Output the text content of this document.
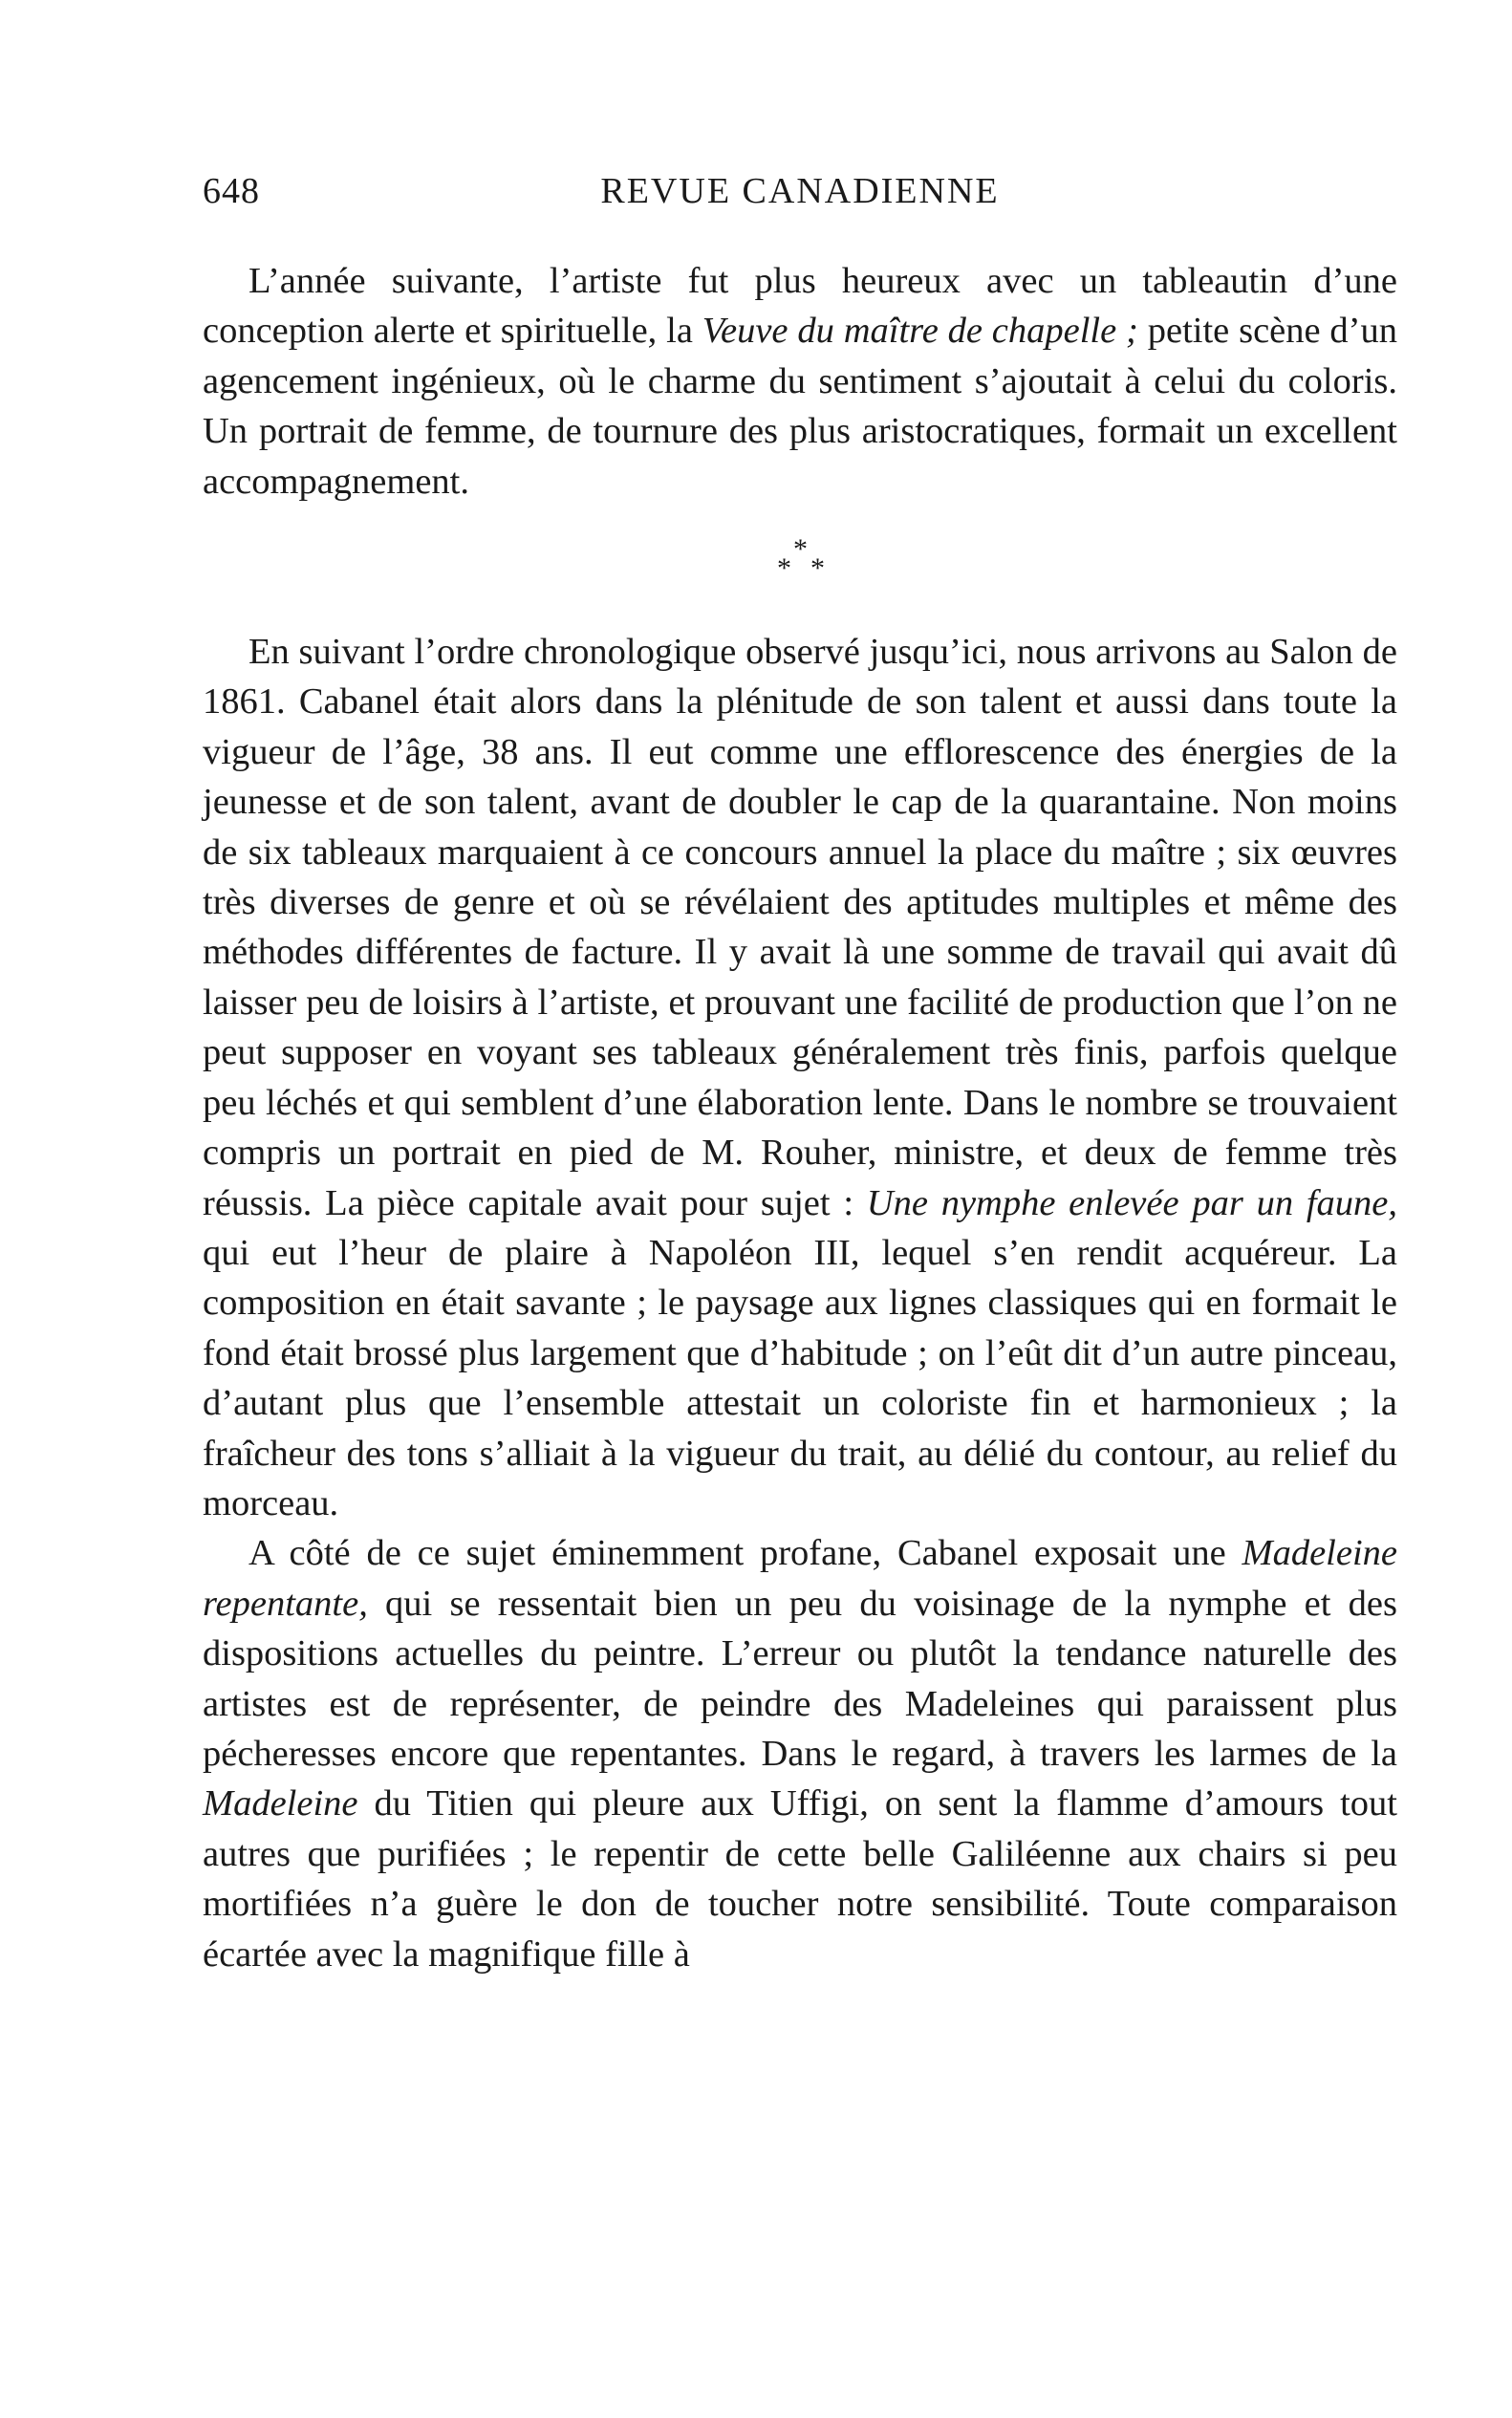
648	REVUE CANADIENNE

L’année suivante, l’artiste fut plus heureux avec un tableautin d’une conception alerte et spirituelle, la Veuve du maître de chapelle ; petite scène d’un agencement ingénieux, où le charme du sentiment s’ajoutait à celui du coloris. Un portrait de femme, de tournure des plus aristocratiques, formait un excellent accompagnement.

*
* *

En suivant l’ordre chronologique observé jusqu’ici, nous arrivons au Salon de 1861. Cabanel était alors dans la plénitude de son talent et aussi dans toute la vigueur de l’âge, 38 ans. Il eut comme une efflorescence des énergies de la jeunesse et de son talent, avant de doubler le cap de la quarantaine. Non moins de six tableaux marquaient à ce concours annuel la place du maître ; six œuvres très diverses de genre et où se révélaient des aptitudes multiples et même des méthodes différentes de facture. Il y avait là une somme de travail qui avait dû laisser peu de loisirs à l’artiste, et prouvant une facilité de production que l’on ne peut supposer en voyant ses tableaux généralement très finis, parfois quelque peu léchés et qui semblent d’une élaboration lente. Dans le nombre se trouvaient compris un portrait en pied de M. Rouher, ministre, et deux de femme très réussis. La pièce capitale avait pour sujet : Une nymphe enlevée par un faune, qui eut l’heur de plaire à Napoléon III, lequel s’en rendit acquéreur. La composition en était savante ; le paysage aux lignes classiques qui en formait le fond était brossé plus largement que d’habitude ; on l’eût dit d’un autre pinceau, d’autant plus que l’ensemble attestait un coloriste fin et harmonieux ; la fraîcheur des tons s’alliait à la vigueur du trait, au délié du contour, au relief du morceau.

A côté de ce sujet éminemment profane, Cabanel exposait une Madeleine repentante, qui se ressentait bien un peu du voisinage de la nymphe et des dispositions actuelles du peintre. L’erreur ou plutôt la tendance naturelle des artistes est de représenter, de peindre des Madeleines qui paraissent plus pécheresses encore que repentantes. Dans le regard, à travers les larmes de la Madeleine du Titien qui pleure aux Uffigi, on sent la flamme d’amours tout autres que purifiées ; le repentir de cette belle Galiléenne aux chairs si peu mortifiées n’a guère le don de toucher notre sensibilité. Toute comparaison écartée avec la magnifique fille à
